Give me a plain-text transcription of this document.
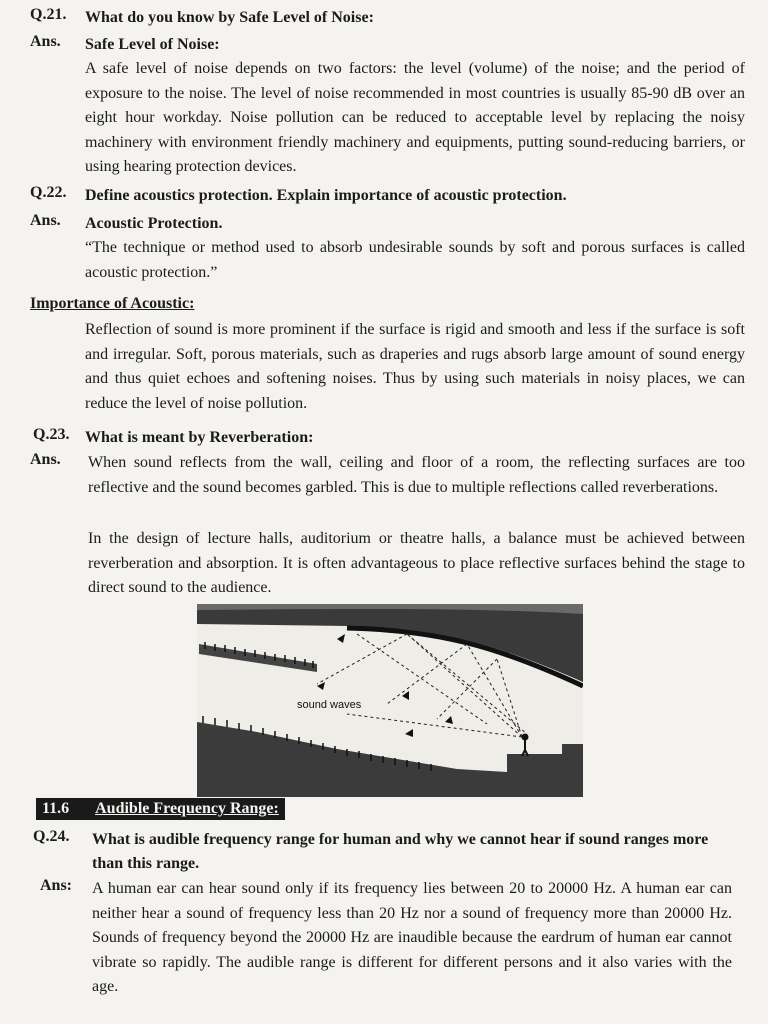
Q.21. What do you know by Safe Level of Noise:
Ans. Safe Level of Noise:
A safe level of noise depends on two factors: the level (volume) of the noise; and the period of exposure to the noise. The level of noise recommended in most countries is usually 85-90 dB over an eight hour workday. Noise pollution can be reduced to acceptable level by replacing the noisy machinery with environment friendly machinery and equipments, putting sound-reducing barriers, or using hearing protection devices.
Q.22. Define acoustics protection. Explain importance of acoustic protection.
Ans. Acoustic Protection.
“The technique or method used to absorb undesirable sounds by soft and porous surfaces is called acoustic protection.”
Importance of Acoustic:
Reflection of sound is more prominent if the surface is rigid and smooth and less if the surface is soft and irregular. Soft, porous materials, such as draperies and rugs absorb large amount of sound energy and thus quiet echoes and softening noises. Thus by using such materials in noisy places, we can reduce the level of noise pollution.
Q.23. What is meant by Reverberation:
Ans. When sound reflects from the wall, ceiling and floor of a room, the reflecting surfaces are too reflective and the sound becomes garbled. This is due to multiple reflections called reverberations.
In the design of lecture halls, auditorium or theatre halls, a balance must be achieved between reverberation and absorption. It is often advantageous to place reflective surfaces behind the stage to direct sound to the audience.
sound waves
11.6 Audible Frequency Range:
Q.24. What is audible frequency range for human and why we cannot hear if sound ranges more than this range.
Ans: A human ear can hear sound only if its frequency lies between 20 to 20000 Hz. A human ear can neither hear a sound of frequency less than 20 Hz nor a sound of frequency more than 20000 Hz. Sounds of frequency beyond the 20000 Hz are inaudible because the eardrum of human ear cannot vibrate so rapidly. The audible range is different for different persons and it also varies with the age.
